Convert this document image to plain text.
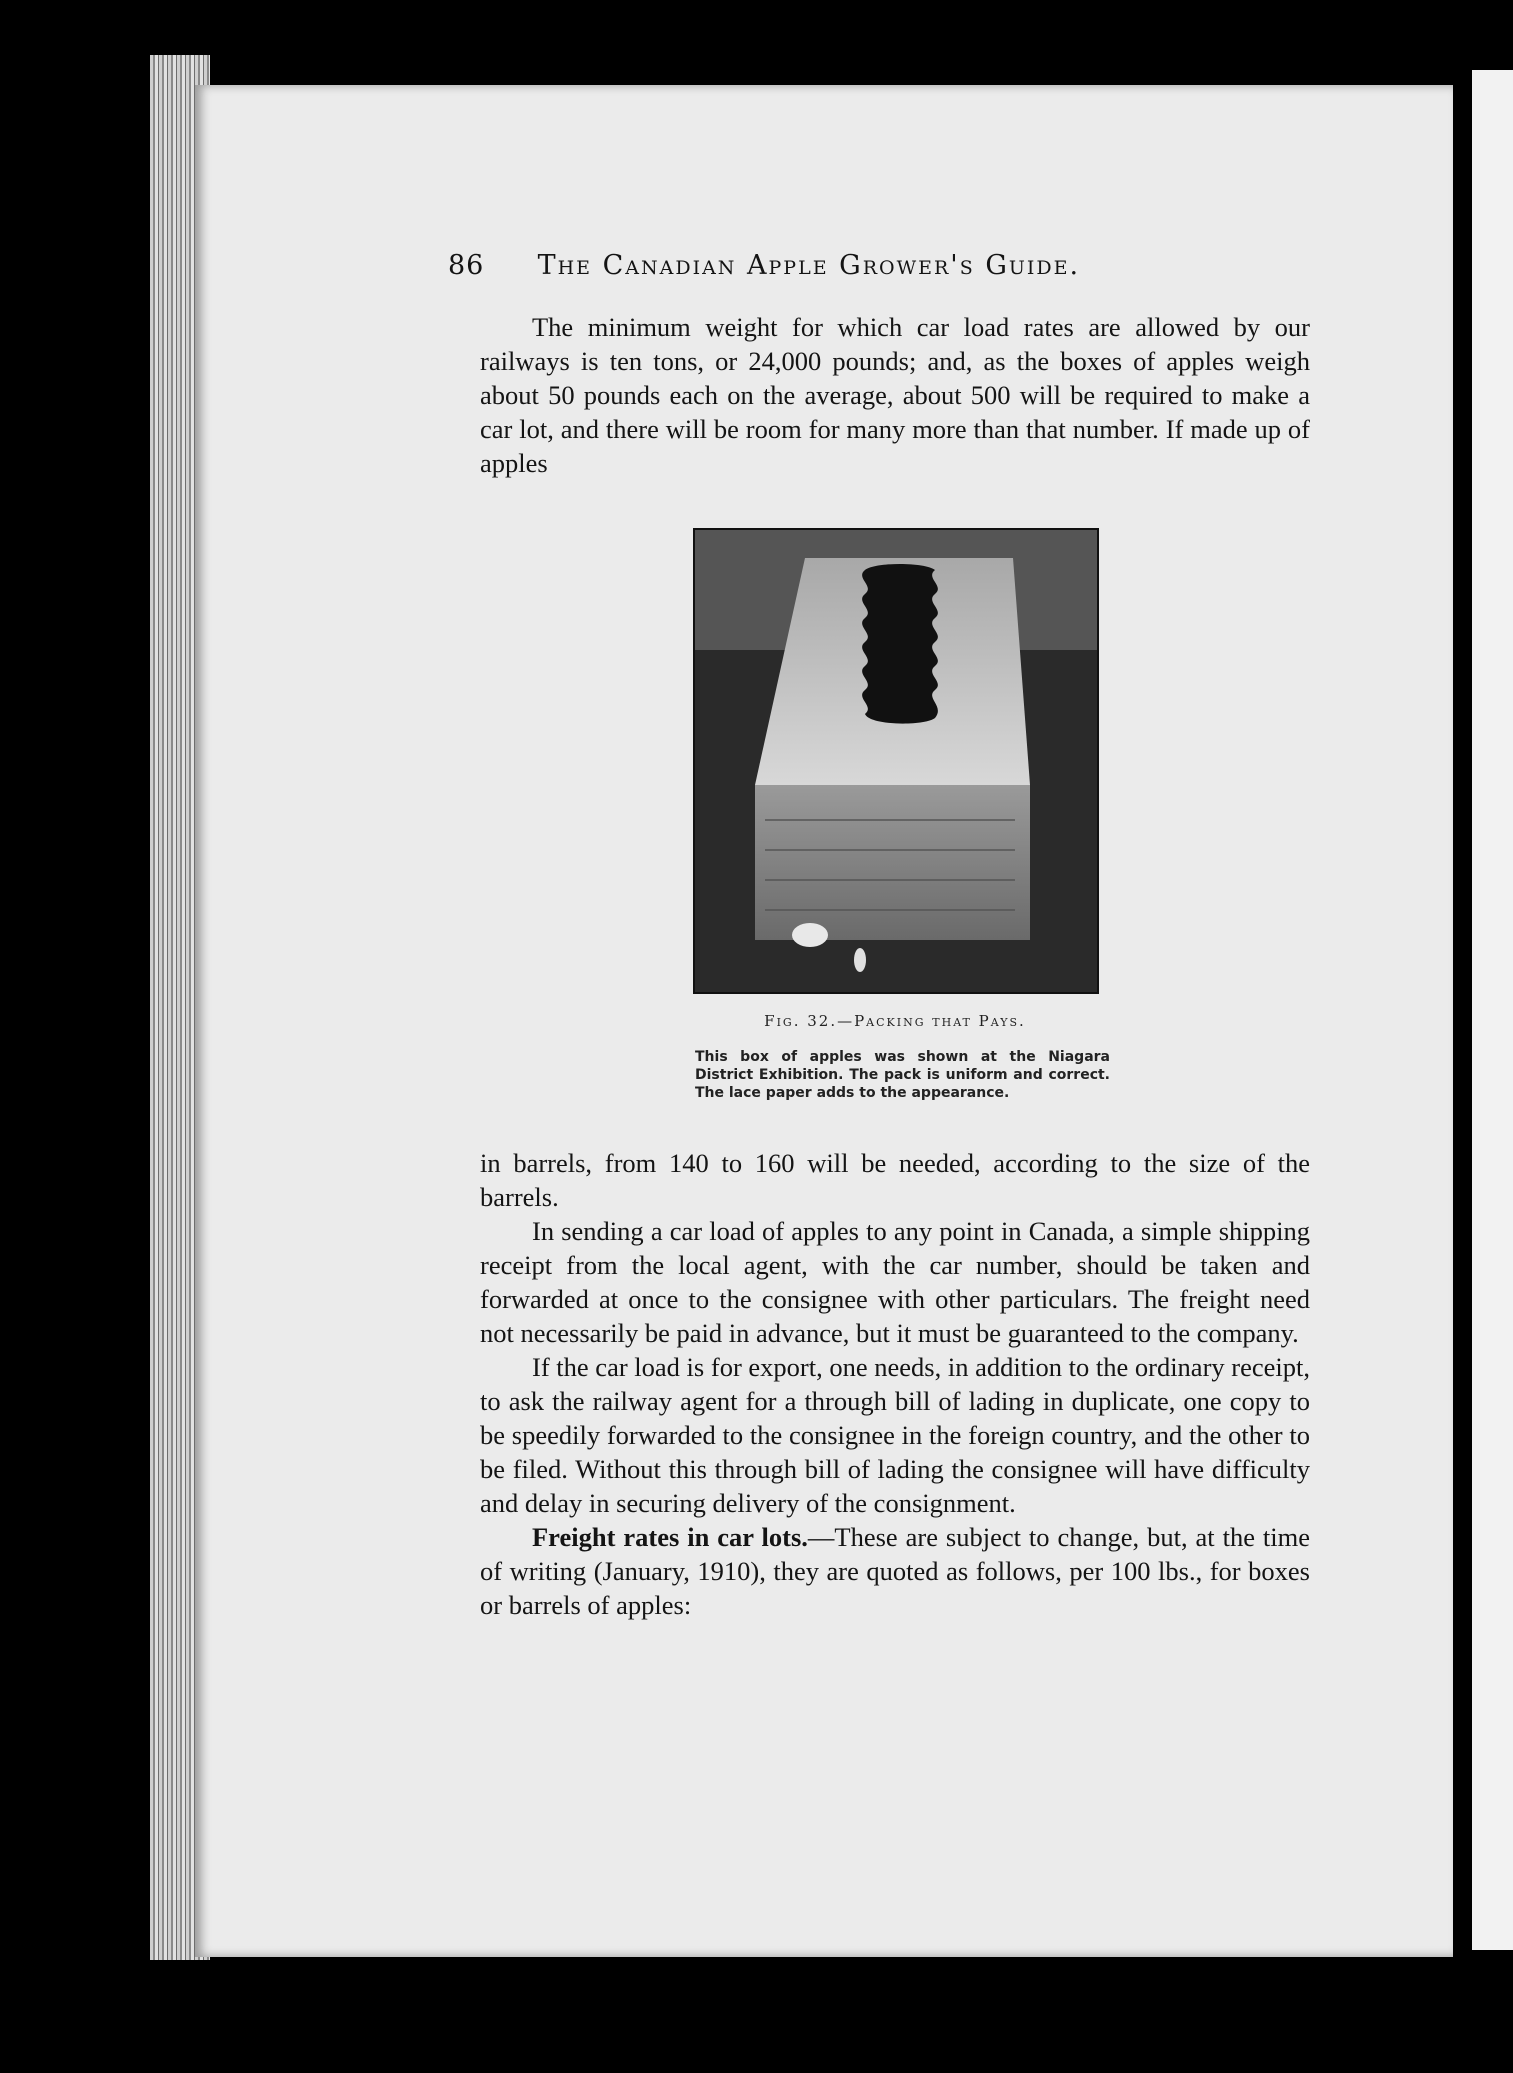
86 The Canadian Apple Grower's Guide.

The minimum weight for which car load rates are allowed by our railways is ten tons, or 24,000 pounds; and, as the boxes of apples weigh about 50 pounds each on the average, about 500 will be required to make a car lot, and there will be room for many more than that number. If made up of apples

Fig. 32.—Packing that Pays.
This box of apples was shown at the Niagara District Exhibition. The pack is uniform and correct. The lace paper adds to the appearance.

in barrels, from 140 to 160 will be needed, according to the size of the barrels.

In sending a car load of apples to any point in Canada, a simple shipping receipt from the local agent, with the car number, should be taken and forwarded at once to the consignee with other particulars. The freight need not necessarily be paid in advance, but it must be guaranteed to the company.

If the car load is for export, one needs, in addition to the ordinary receipt, to ask the railway agent for a through bill of lading in duplicate, one copy to be speedily forwarded to the consignee in the foreign country, and the other to be filed. Without this through bill of lading the consignee will have difficulty and delay in securing delivery of the consignment.

Freight rates in car lots.—These are subject to change, but, at the time of writing (January, 1910), they are quoted as follows, per 100 lbs., for boxes or barrels of apples:
